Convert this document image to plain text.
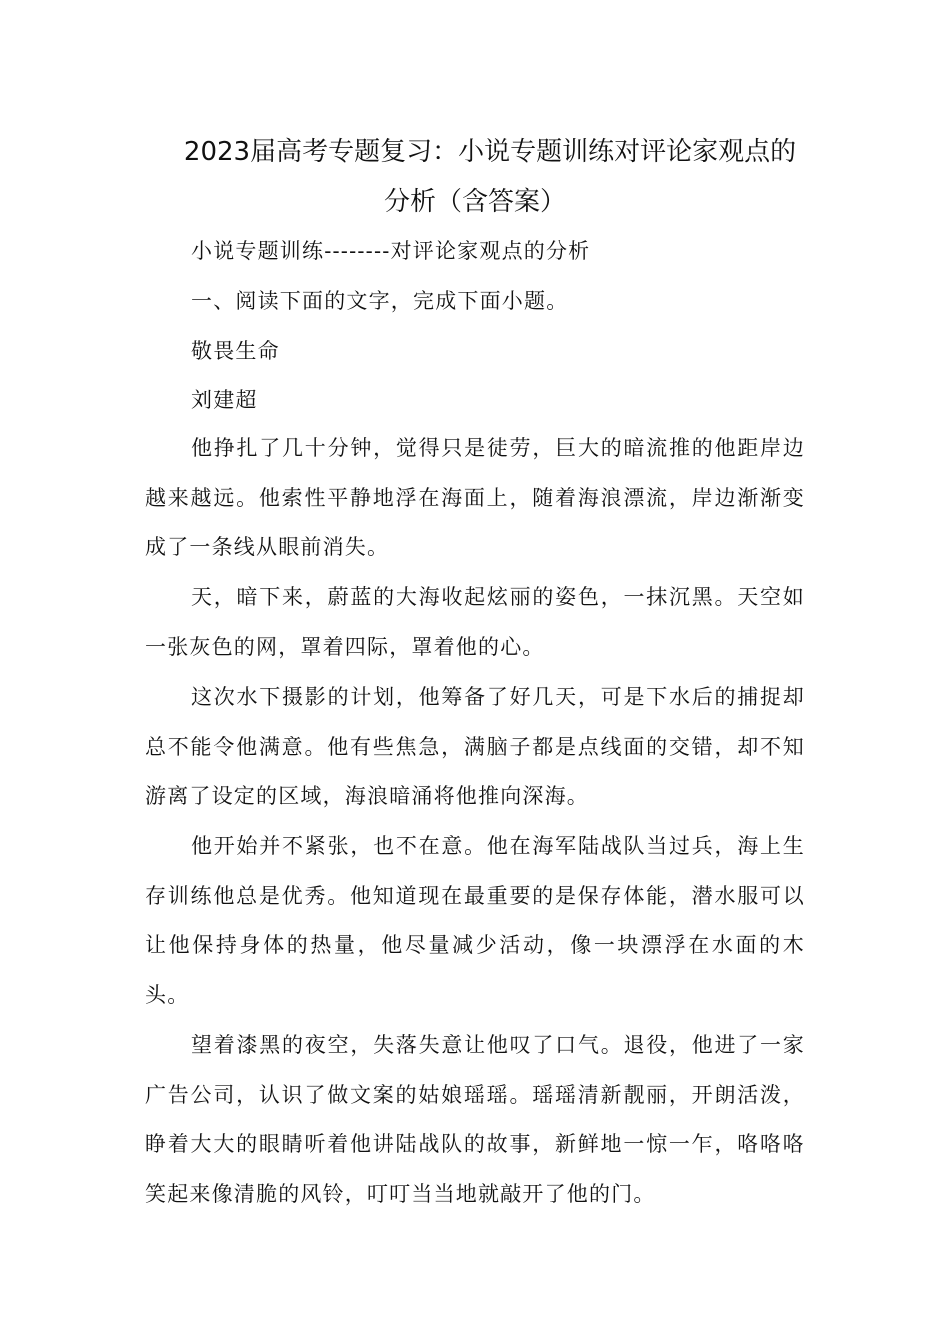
2023届高考专题复习：小说专题训练对评论家观点的
分析（含答案）
小说专题训练--------对评论家观点的分析
一、阅读下面的文字，完成下面小题。
敬畏生命
刘建超
他挣扎了几十分钟，觉得只是徒劳，巨大的暗流推的他距岸边越来越远。他索性平静地浮在海面上，随着海浪漂流，岸边渐渐变成了一条线从眼前消失。
天，暗下来，蔚蓝的大海收起炫丽的姿色，一抹沉黑。天空如一张灰色的网，罩着四际，罩着他的心。
这次水下摄影的计划，他筹备了好几天，可是下水后的捕捉却总不能令他满意。他有些焦急，满脑子都是点线面的交错，却不知游离了设定的区域，海浪暗涌将他推向深海。
他开始并不紧张，也不在意。他在海军陆战队当过兵，海上生存训练他总是优秀。他知道现在最重要的是保存体能，潜水服可以让他保持身体的热量，他尽量减少活动，像一块漂浮在水面的木头。
望着漆黑的夜空，失落失意让他叹了口气。退役，他进了一家广告公司，认识了做文案的姑娘瑶瑶。瑶瑶清新靓丽，开朗活泼，睁着大大的眼睛听着他讲陆战队的故事，新鲜地一惊一乍，咯咯咯笑起来像清脆的风铃，叮叮当当地就敲开了他的门。
